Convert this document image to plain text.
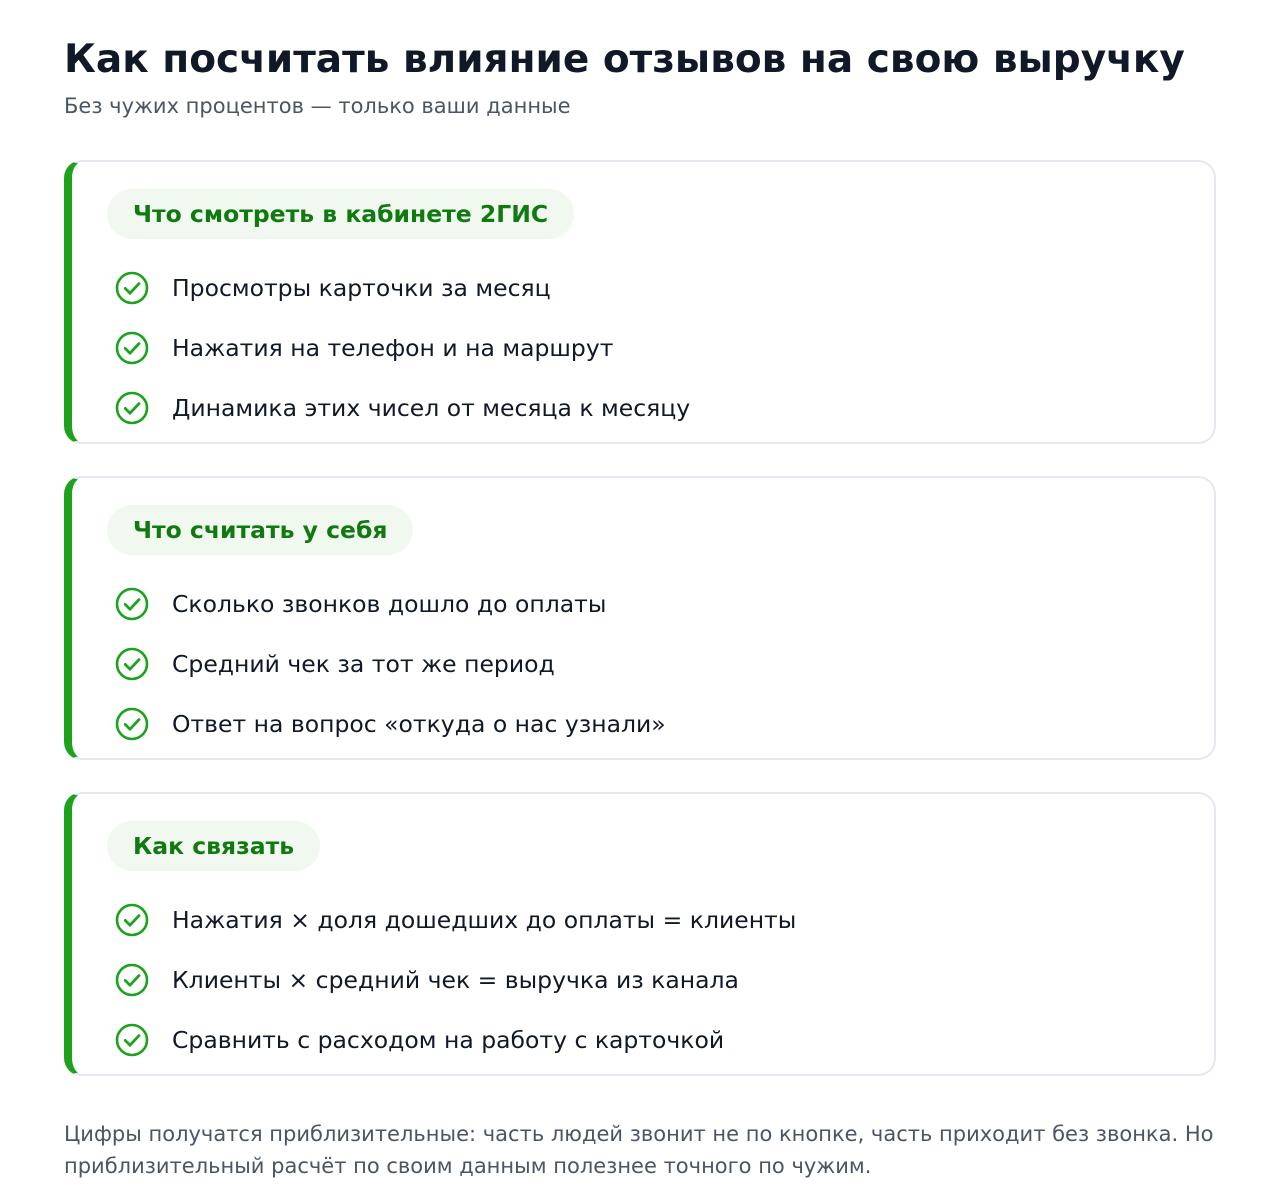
Как посчитать влияние отзывов на свою выручку

Без чужих процентов — только ваши данные

Что смотреть в кабинете 2ГИС
Просмотры карточки за месяц
Нажатия на телефон и на маршрут
Динамика этих чисел от месяца к месяцу
Что считать у себя
Сколько звонков дошло до оплаты
Средний чек за тот же период
Ответ на вопрос «откуда о нас узнали»
Как связать
Нажатия × доля дошедших до оплаты = клиенты
Клиенты × средний чек = выручка из канала
Сравнить с расходом на работу с карточкой

Цифры получатся приблизительные: часть людей звонит не по кнопке, часть приходит без звонка. Но приблизительный расчёт по своим данным полезнее точного по чужим.
